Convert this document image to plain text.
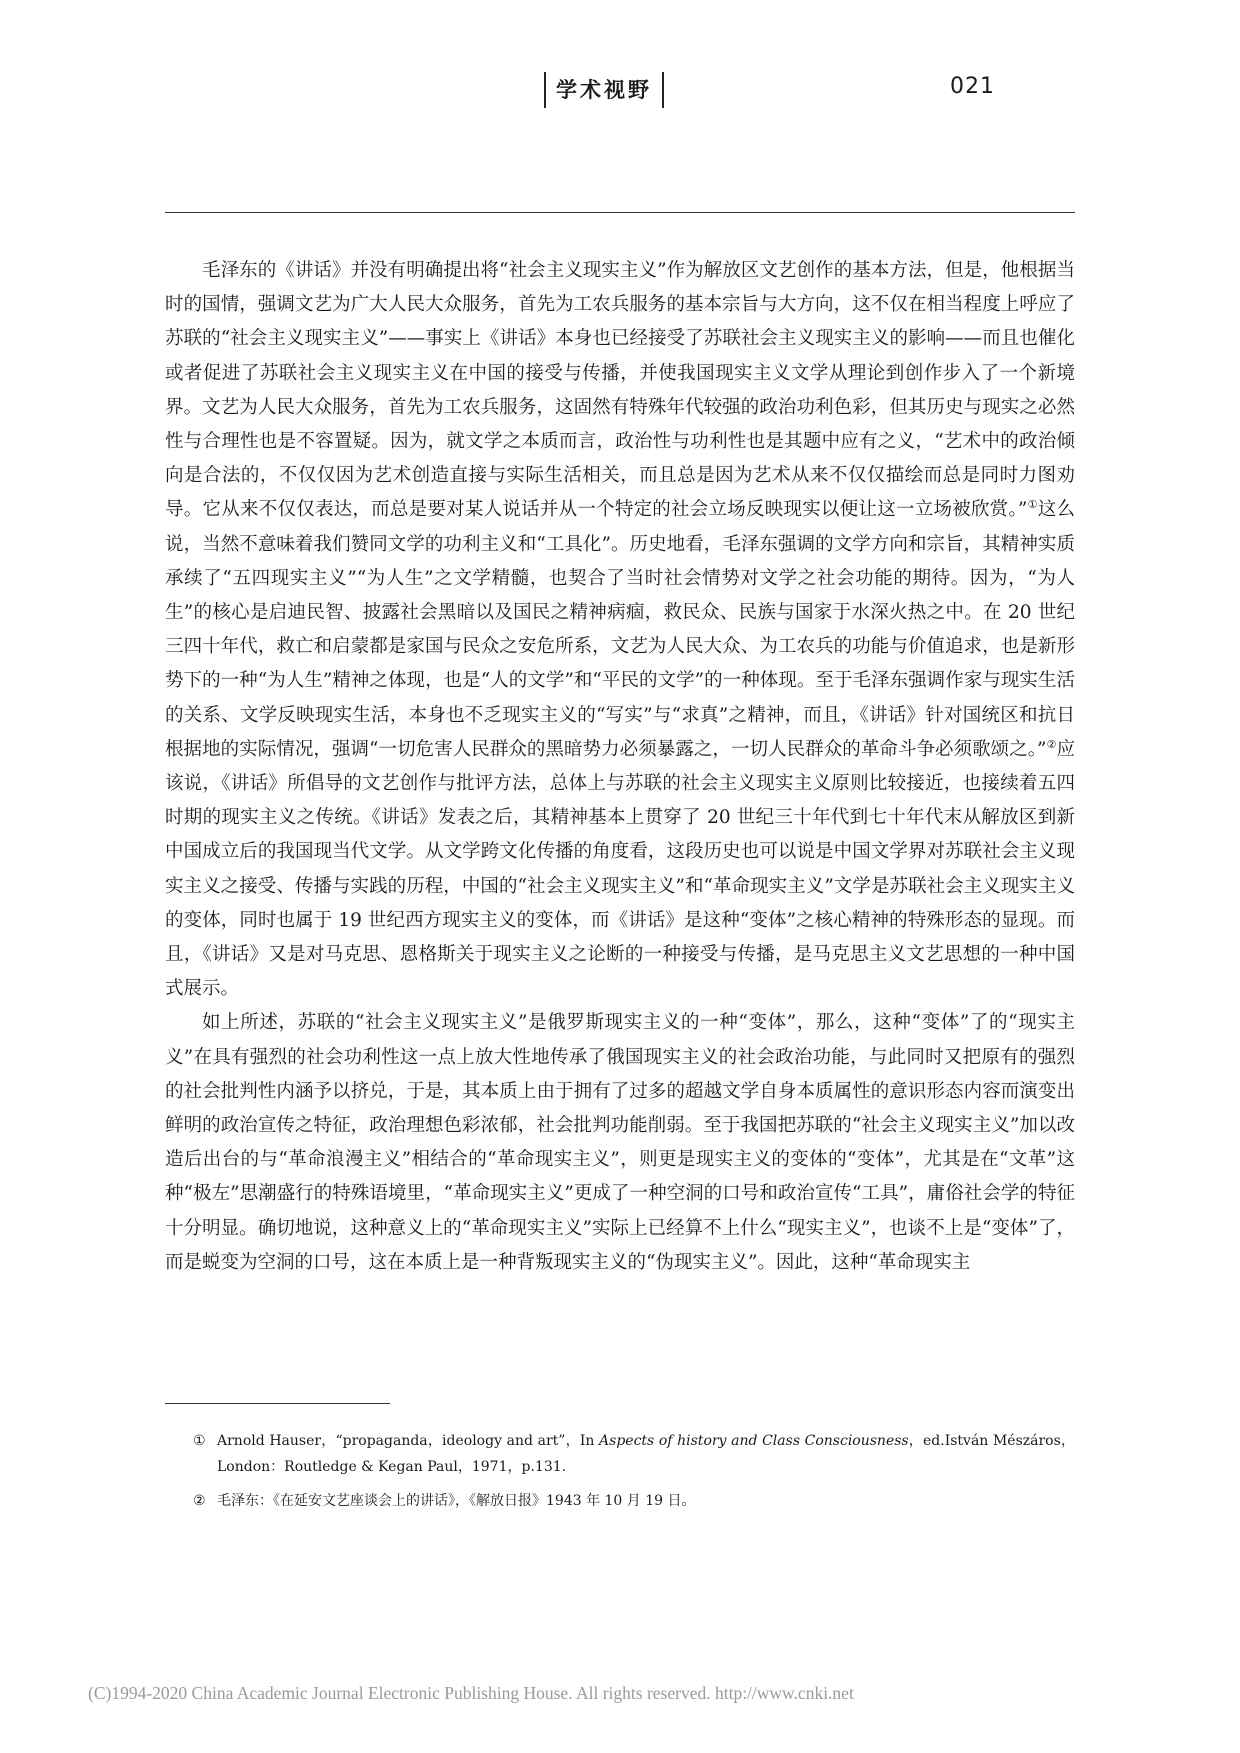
学术视野	021

毛泽东的《讲话》并没有明确提出将“社会主义现实主义”作为解放区文艺创作的基本方法，但是，他根据当时的国情，强调文艺为广大人民大众服务，首先为工农兵服务的基本宗旨与大方向，这不仅在相当程度上呼应了苏联的“社会主义现实主义”——事实上《讲话》本身也已经接受了苏联社会主义现实主义的影响——而且也催化或者促进了苏联社会主义现实主义在中国的接受与传播，并使我国现实主义文学从理论到创作步入了一个新境界。文艺为人民大众服务，首先为工农兵服务，这固然有特殊年代较强的政治功利色彩，但其历史与现实之必然性与合理性也是不容置疑。因为，就文学之本质而言，政治性与功利性也是其题中应有之义，“艺术中的政治倾向是合法的，不仅仅因为艺术创造直接与实际生活相关，而且总是因为艺术从来不仅仅描绘而总是同时力图劝导。它从来不仅仅表达，而总是要对某人说话并从一个特定的社会立场反映现实以便让这一立场被欣赏。”①这么说，当然不意味着我们赞同文学的功利主义和“工具化”。历史地看，毛泽东强调的文学方向和宗旨，其精神实质承续了“五四现实主义”“为人生”之文学精髓，也契合了当时社会情势对文学之社会功能的期待。因为，“为人生”的核心是启迪民智、披露社会黑暗以及国民之精神病痼，救民众、民族与国家于水深火热之中。在 20 世纪三四十年代，救亡和启蒙都是家国与民众之安危所系，文艺为人民大众、为工农兵的功能与价值追求，也是新形势下的一种“为人生”精神之体现，也是“人的文学”和“平民的文学”的一种体现。至于毛泽东强调作家与现实生活的关系、文学反映现实生活，本身也不乏现实主义的“写实”与“求真”之精神，而且，《讲话》针对国统区和抗日根据地的实际情况，强调“一切危害人民群众的黑暗势力必须暴露之，一切人民群众的革命斗争必须歌颂之。”②应该说，《讲话》所倡导的文艺创作与批评方法，总体上与苏联的社会主义现实主义原则比较接近，也接续着五四时期的现实主义之传统。《讲话》发表之后，其精神基本上贯穿了 20 世纪三十年代到七十年代末从解放区到新中国成立后的我国现当代文学。从文学跨文化传播的角度看，这段历史也可以说是中国文学界对苏联社会主义现实主义之接受、传播与实践的历程，中国的“社会主义现实主义”和“革命现实主义”文学是苏联社会主义现实主义的变体，同时也属于 19 世纪西方现实主义的变体，而《讲话》是这种“变体”之核心精神的特殊形态的显现。而且，《讲话》又是对马克思、恩格斯关于现实主义之论断的一种接受与传播，是马克思主义文艺思想的一种中国式展示。

如上所述，苏联的“社会主义现实主义”是俄罗斯现实主义的一种“变体”，那么，这种“变体”了的“现实主义”在具有强烈的社会功利性这一点上放大性地传承了俄国现实主义的社会政治功能，与此同时又把原有的强烈的社会批判性内涵予以挤兑，于是，其本质上由于拥有了过多的超越文学自身本质属性的意识形态内容而演变出鲜明的政治宣传之特征，政治理想色彩浓郁，社会批判功能削弱。至于我国把苏联的“社会主义现实主义”加以改造后出台的与“革命浪漫主义”相结合的“革命现实主义”，则更是现实主义的变体的“变体”，尤其是在“文革”这种“极左”思潮盛行的特殊语境里，“革命现实主义”更成了一种空洞的口号和政治宣传“工具”，庸俗社会学的特征十分明显。确切地说，这种意义上的“革命现实主义”实际上已经算不上什么“现实主义”，也谈不上是“变体”了，而是蜕变为空洞的口号，这在本质上是一种背叛现实主义的“伪现实主义”。因此，这种“革命现实主

① Arnold Hauser，“propaganda，ideology and art”，In Aspects of history and Class Consciousness，ed.István Mészáros，London：Routledge & Kegan Paul，1971，p.131.
② 毛泽东：《在延安文艺座谈会上的讲话》，《解放日报》1943 年 10 月 19 日。
(C)1994-2020 China Academic Journal Electronic Publishing House. All rights reserved. http://www.cnki.net
